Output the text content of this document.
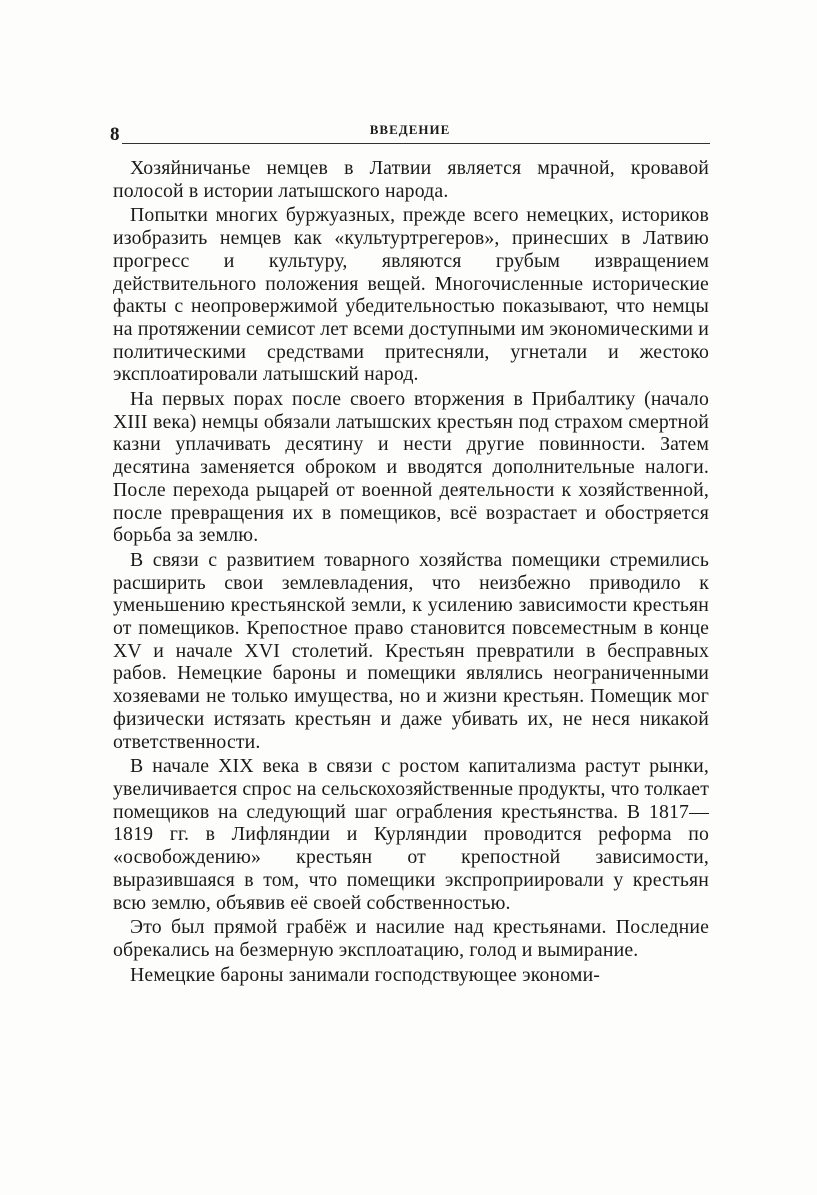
8	ВВЕДЕНИЕ

Хозяйничанье немцев в Латвии является мрачной, кровавой полосой в истории латышского народа.

Попытки многих буржуазных, прежде всего немецких, историков изобразить немцев как «культуртрегеров», принесших в Латвию прогресс и культуру, являются грубым извращением действительного положения вещей. Многочисленные исторические факты с неопровержимой убедительностью показывают, что немцы на протяжении семисот лет всеми доступными им экономическими и политическими средствами притесняли, угнетали и жестоко эксплоатировали латышский народ.

На первых порах после своего вторжения в Прибалтику (начало XIII века) немцы обязали латышских крестьян под страхом смертной казни уплачивать десятину и нести другие повинности. Затем десятина заменяется оброком и вводятся дополнительные налоги. После перехода рыцарей от военной деятельности к хозяйственной, после превращения их в помещиков, всё возрастает и обостряется борьба за землю.

В связи с развитием товарного хозяйства помещики стремились расширить свои землевладения, что неизбежно приводило к уменьшению крестьянской земли, к усилению зависимости крестьян от помещиков. Крепостное право становится повсеместным в конце XV и начале XVI столетий. Крестьян превратили в бесправных рабов. Немецкие бароны и помещики являлись неограниченными хозяевами не только имущества, но и жизни крестьян. Помещик мог физически истязать крестьян и даже убивать их, не неся никакой ответственности.

В начале XIX века в связи с ростом капитализма растут рынки, увеличивается спрос на сельскохозяйственные продукты, что толкает помещиков на следующий шаг ограбления крестьянства. В 1817—1819 гг. в Лифляндии и Курляндии проводится реформа по «освобождению» крестьян от крепостной зависимости, выразившаяся в том, что помещики экспроприировали у крестьян всю землю, объявив её своей собственностью.

Это был прямой грабёж и насилие над крестьянами. Последние обрекались на безмерную эксплоатацию, голод и вымирание.

Немецкие бароны занимали господствующее экономи-
